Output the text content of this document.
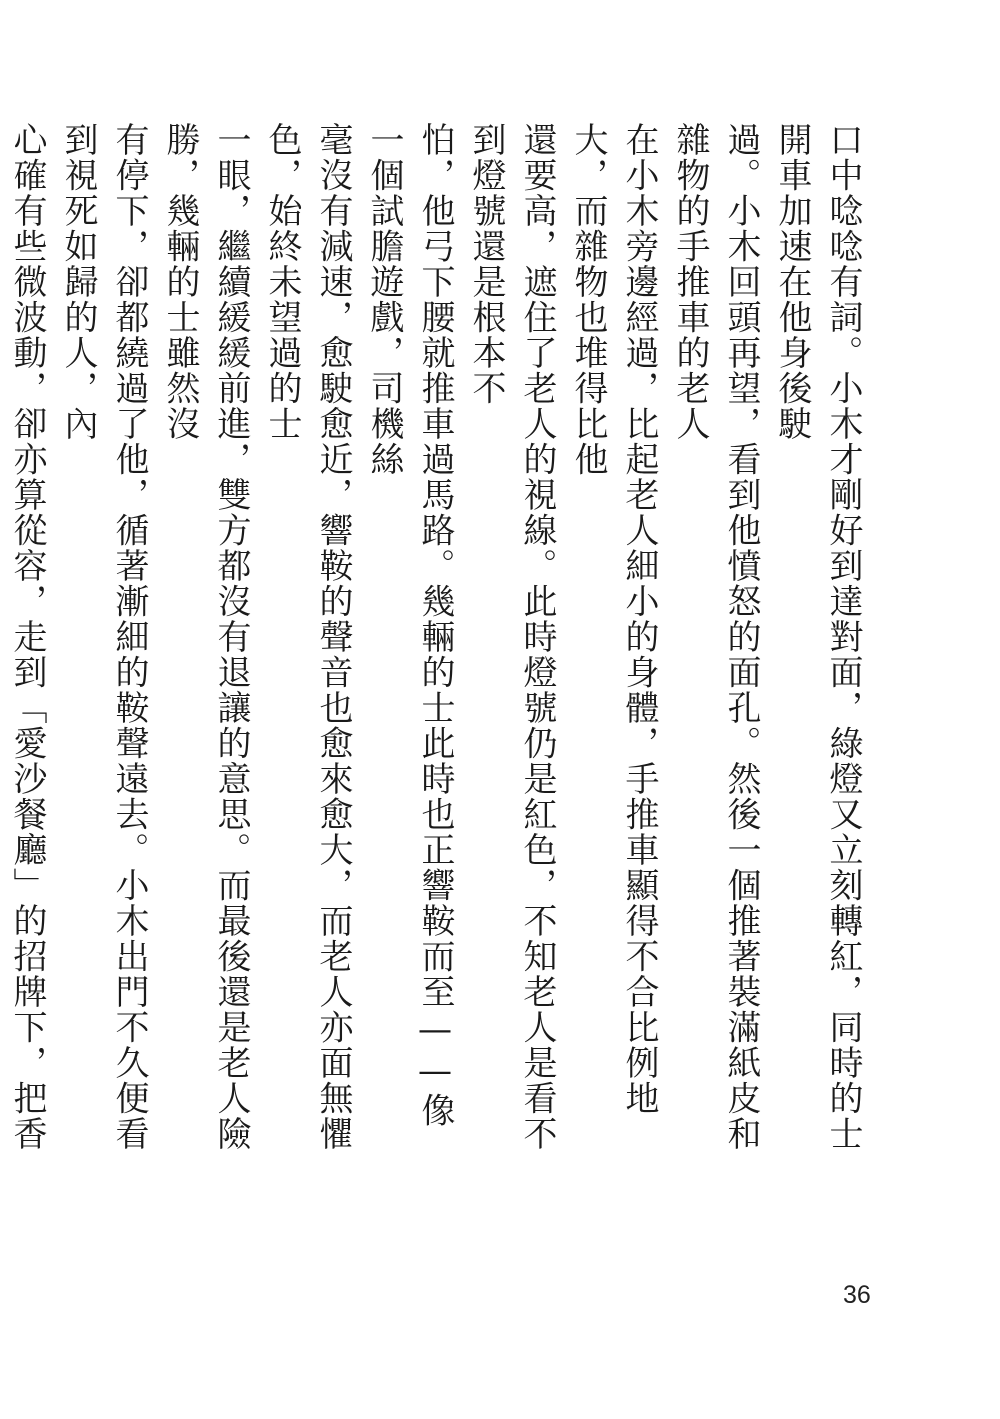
口中唸唸有詞。小木才剛好到達對面，綠燈又立刻轉紅，同時的士開車加速在他身後駛
過。小木回頭再望，看到他憤怒的面孔。然後一個推著裝滿紙皮和雜物的手推車的老人
在小木旁邊經過，比起老人細小的身體，手推車顯得不合比例地大，而雜物也堆得比他
還要高，遮住了老人的視線。此時燈號仍是紅色，不知老人是看不到燈號還是根本不
怕，他弓下腰就推車過馬路。幾輛的士此時也正響鞍而至——像一個試膽遊戲，司機絲
毫沒有減速，愈駛愈近，響鞍的聲音也愈來愈大，而老人亦面無懼色，始終未望過的士
一眼，繼續緩緩前進，雙方都沒有退讓的意思。而最後還是老人險勝，幾輛的士雖然沒
有停下，卻都繞過了他，循著漸細的鞍聲遠去。小木出門不久便看到視死如歸的人，內
心確有些微波動，卻亦算從容，走到「愛沙餐廳」的招牌下，把香

36
